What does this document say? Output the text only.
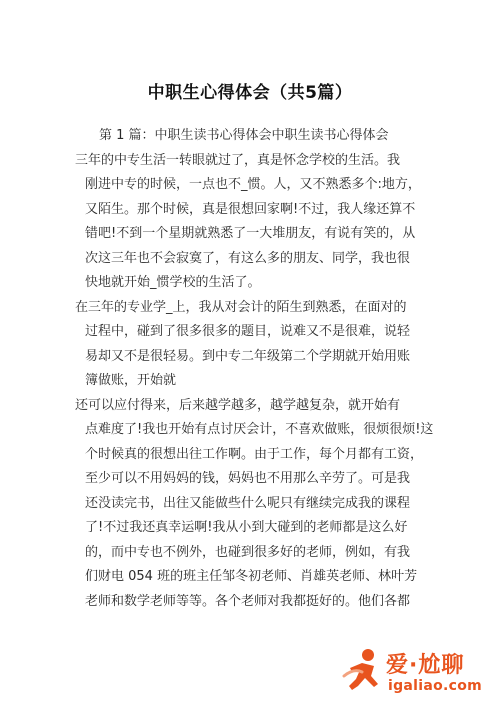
中职生心得体会（共5篇）
第 1 篇：中职生读书心得体会中职生读书心得体会
三年的中专生活一转眼就过了，真是怀念学校的生活。我
刚进中专的时候，一点也不_惯。人，又不熟悉多个:地方，
又陌生。那个时候，真是很想回家啊!不过，我人缘还算不
错吧!不到一个星期就熟悉了一大堆朋友，有说有笑的，从
次这三年也不会寂寞了，有这么多的朋友、同学，我也很
快地就开始_惯学校的生活了。
在三年的专业学_上，我从对会计的陌生到熟悉，在面对的
过程中，碰到了很多很多的题目，说难又不是很难，说轻
易却又不是很轻易。到中专二年级第二个学期就开始用账
簿做账，开始就
还可以应付得来，后来越学越多，越学越复杂，就开始有
点难度了!我也开始有点讨厌会计，不喜欢做账，很烦很烦!这
个时候真的很想出往工作啊。由于工作，每个月都有工资，
至少可以不用妈妈的钱，妈妈也不用那么辛劳了。可是我
还没读完书，出往又能做些什么呢只有继续完成我的课程
了!不过我还真幸运啊!我从小到大碰到的老师都是这么好
的，而中专也不例外，也碰到很多好的老师，例如，有我
们财电 054 班的班主任邹冬初老师、肖雄英老师、林叶芳
老师和数学老师等等。各个老师对我都挺好的。他们各都
爱·尬聊
igaliao.com
